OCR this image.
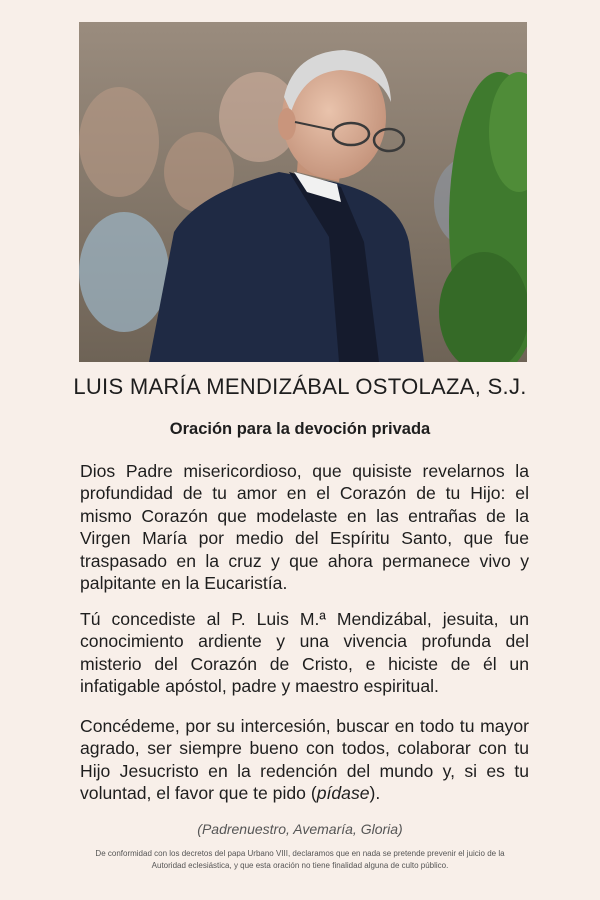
LUIS MARÍA MENDIZÁBAL OSTOLAZA, S.J.
Oración para la devoción privada
Dios Padre misericordioso, que quisiste revelarnos la profundidad de tu amor en el Corazón de tu Hijo: el mismo Corazón que modelaste en las entrañas de la Virgen María por medio del Espíritu Santo, que fue traspasado en la cruz y que ahora permanece vivo y palpitante en la Eucaristía.
Tú concediste al P. Luis M.ª Mendizábal, jesuita, un conocimiento ardiente y una vivencia profunda del misterio del Corazón de Cristo, e hiciste de él un infatigable apóstol, padre y maestro espiritual.
Concédeme, por su intercesión, buscar en todo tu mayor agrado, ser siempre bueno con todos, colaborar con tu Hijo Jesucristo en la redención del mundo y, si es tu voluntad, el favor que te pido (pídase).
(Padrenuestro, Avemaría, Gloria)
De conformidad con los decretos del papa Urbano VIII, declaramos que en nada se pretende prevenir el juicio de la Autoridad eclesiástica, y que esta oración no tiene finalidad alguna de culto público.
